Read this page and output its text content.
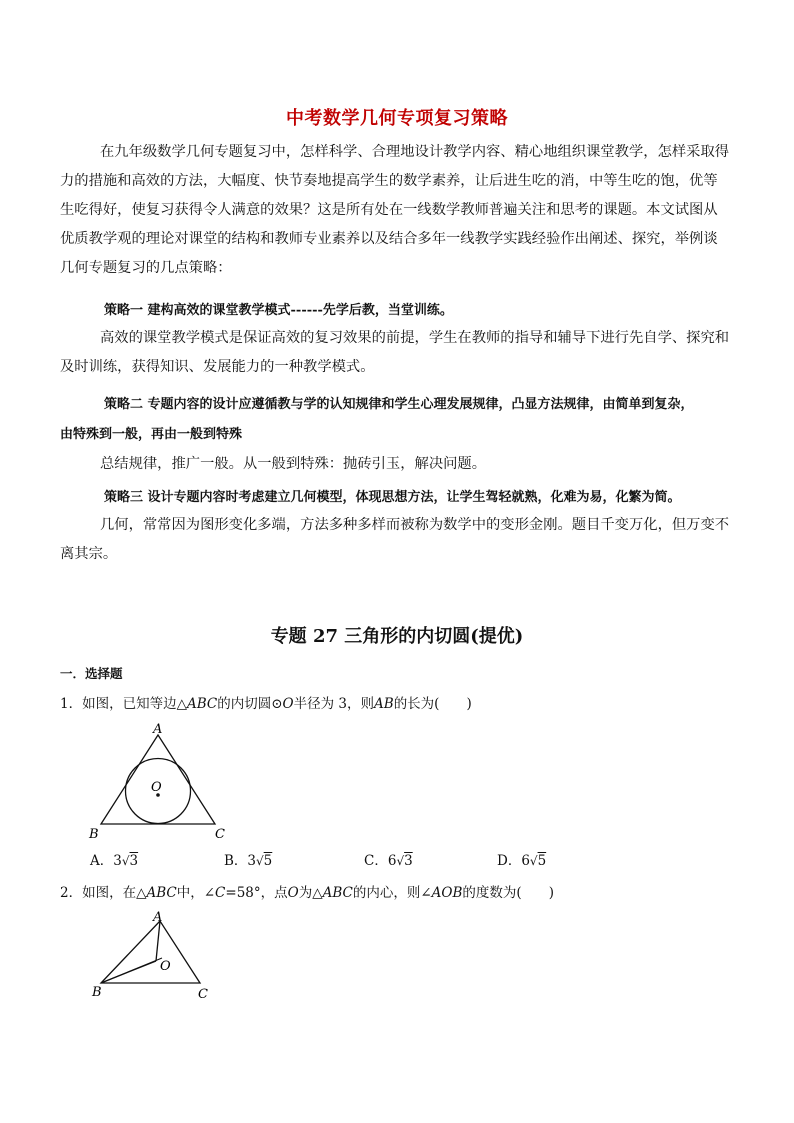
中考数学几何专项复习策略
在九年级数学几何专题复习中，怎样科学、合理地设计教学内容、精心地组织课堂教学，怎样采取得
力的措施和高效的方法，大幅度、快节奏地提高学生的数学素养，让后进生吃的消，中等生吃的饱，优等
生吃得好，使复习获得令人满意的效果？这是所有处在一线数学教师普遍关注和思考的课题。本文试图从
优质教学观的理论对课堂的结构和教师专业素养以及结合多年一线教学实践经验作出阐述、探究，举例谈
几何专题复习的几点策略：
策略一 建构高效的课堂教学模式------先学后教，当堂训练。
高效的课堂教学模式是保证高效的复习效果的前提，学生在教师的指导和辅导下进行先自学、探究和
及时训练，获得知识、发展能力的一种教学模式。
策略二 专题内容的设计应遵循教与学的认知规律和学生心理发展规律，凸显方法规律，由简单到复杂，
由特殊到一般，再由一般到特殊
总结规律，推广一般。从一般到特殊：抛砖引玉，解决问题。
策略三 设计专题内容时考虑建立几何模型，体现思想方法，让学生驾轻就熟，化难为易，化繁为简。
几何，常常因为图形变化多端，方法多种多样而被称为数学中的变形金刚。题目千变万化，但万变不
离其宗。
专题 27 三角形的内切圆(提优)
一．选择题
1．如图，已知等边△ABC的内切圆⊙O半径为 3，则AB的长为(　　)
A
B	C
O
A．3√3	B．3√5	C．6√3	D．6√5
2．如图，在△ABC中，∠C=58°，点O为△ABC的内心，则∠AOB的度数为(　　)
A
B	C
O
